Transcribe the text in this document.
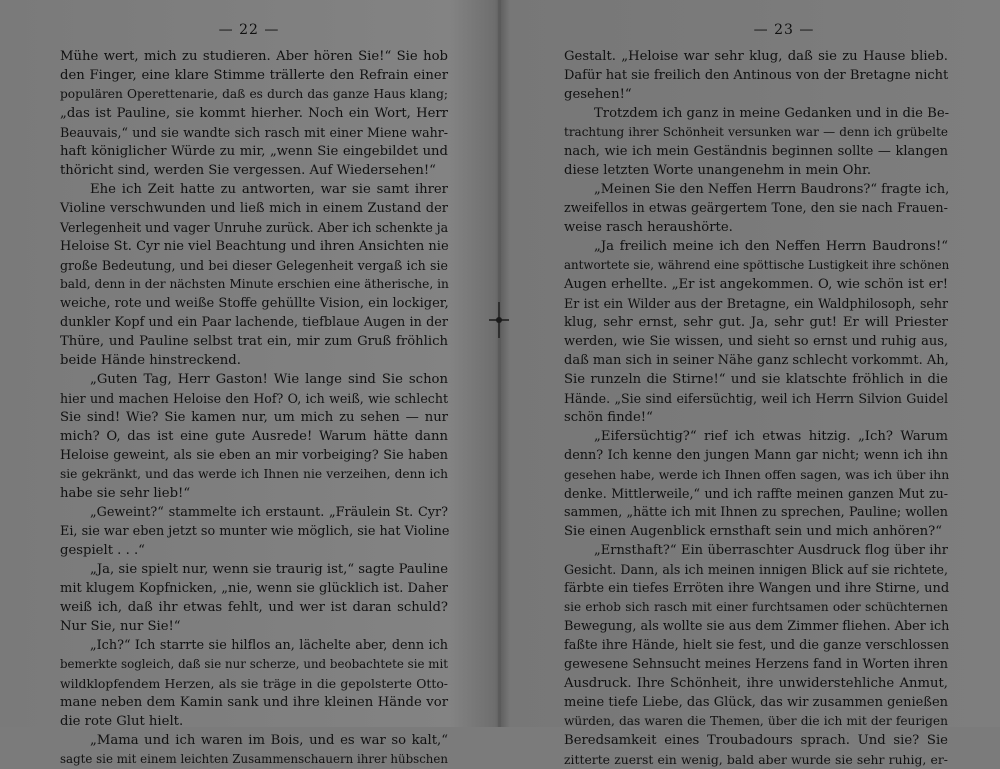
— 22 —
Mühe wert, mich zu studieren. Aber hören Sie!“ Sie hob
den Finger, eine klare Stimme trällerte den Refrain einer
populären Operettenarie, daß es durch das ganze Haus klang;
„das ist Pauline, sie kommt hierher. Noch ein Wort, Herr
Beauvais,“ und sie wandte sich rasch mit einer Miene wahr-
haft königlicher Würde zu mir, „wenn Sie eingebildet und
thöricht sind, werden Sie vergessen. Auf Wiedersehen!“
Ehe ich Zeit hatte zu antworten, war sie samt ihrer
Violine verschwunden und ließ mich in einem Zustand der
Verlegenheit und vager Unruhe zurück. Aber ich schenkte ja
Heloise St. Cyr nie viel Beachtung und ihren Ansichten nie
große Bedeutung, und bei dieser Gelegenheit vergaß ich sie
bald, denn in der nächsten Minute erschien eine ätherische, in
weiche, rote und weiße Stoffe gehüllte Vision, ein lockiger,
dunkler Kopf und ein Paar lachende, tiefblaue Augen in der
Thüre, und Pauline selbst trat ein, mir zum Gruß fröhlich
beide Hände hinstreckend.
„Guten Tag, Herr Gaston! Wie lange sind Sie schon
hier und machen Heloise den Hof? O, ich weiß, wie schlecht
Sie sind! Wie? Sie kamen nur, um mich zu sehen — nur
mich? O, das ist eine gute Ausrede! Warum hätte dann
Heloise geweint, als sie eben an mir vorbeiging? Sie haben
sie gekränkt, und das werde ich Ihnen nie verzeihen, denn ich
habe sie sehr lieb!“
„Geweint?“ stammelte ich erstaunt. „Fräulein St. Cyr?
Ei, sie war eben jetzt so munter wie möglich, sie hat Violine
gespielt . . .“
„Ja, sie spielt nur, wenn sie traurig ist,“ sagte Pauline
mit klugem Kopfnicken, „nie, wenn sie glücklich ist. Daher
weiß ich, daß ihr etwas fehlt, und wer ist daran schuld?
Nur Sie, nur Sie!“
„Ich?“ Ich starrte sie hilflos an, lächelte aber, denn ich
bemerkte sogleich, daß sie nur scherze, und beobachtete sie mit
wildklopfendem Herzen, als sie träge in die gepolsterte Otto-
mane neben dem Kamin sank und ihre kleinen Hände vor
die rote Glut hielt.
„Mama und ich waren im Bois, und es war so kalt,“
sagte sie mit einem leichten Zusammenschauern ihrer hübschen
— 23 —
Gestalt. „Heloise war sehr klug, daß sie zu Hause blieb.
Dafür hat sie freilich den Antinous von der Bretagne nicht
gesehen!“
Trotzdem ich ganz in meine Gedanken und in die Be-
trachtung ihrer Schönheit versunken war — denn ich grübelte
nach, wie ich mein Geständnis beginnen sollte — klangen
diese letzten Worte unangenehm in mein Ohr.
„Meinen Sie den Neffen Herrn Baudrons?“ fragte ich,
zweifellos in etwas geärgertem Tone, den sie nach Frauen-
weise rasch heraushörte.
„Ja freilich meine ich den Neffen Herrn Baudrons!“
antwortete sie, während eine spöttische Lustigkeit ihre schönen
Augen erhellte. „Er ist angekommen. O, wie schön ist er!
Er ist ein Wilder aus der Bretagne, ein Waldphilosoph, sehr
klug, sehr ernst, sehr gut. Ja, sehr gut! Er will Priester
werden, wie Sie wissen, und sieht so ernst und ruhig aus,
daß man sich in seiner Nähe ganz schlecht vorkommt. Ah,
Sie runzeln die Stirne!“ und sie klatschte fröhlich in die
Hände. „Sie sind eifersüchtig, weil ich Herrn Silvion Guidel
schön finde!“
„Eifersüchtig?“ rief ich etwas hitzig. „Ich? Warum
denn? Ich kenne den jungen Mann gar nicht; wenn ich ihn
gesehen habe, werde ich Ihnen offen sagen, was ich über ihn
denke. Mittlerweile,“ und ich raffte meinen ganzen Mut zu-
sammen, „hätte ich mit Ihnen zu sprechen, Pauline; wollen
Sie einen Augenblick ernsthaft sein und mich anhören?“
„Ernsthaft?“ Ein überraschter Ausdruck flog über ihr
Gesicht. Dann, als ich meinen innigen Blick auf sie richtete,
färbte ein tiefes Erröten ihre Wangen und ihre Stirne, und
sie erhob sich rasch mit einer furchtsamen oder schüchternen
Bewegung, als wollte sie aus dem Zimmer fliehen. Aber ich
faßte ihre Hände, hielt sie fest, und die ganze verschlossen
gewesene Sehnsucht meines Herzens fand in Worten ihren
Ausdruck. Ihre Schönheit, ihre unwiderstehliche Anmut,
meine tiefe Liebe, das Glück, das wir zusammen genießen
würden, das waren die Themen, über die ich mit der feurigen
Beredsamkeit eines Troubadours sprach. Und sie? Sie
zitterte zuerst ein wenig, bald aber wurde sie sehr ruhig, er-
